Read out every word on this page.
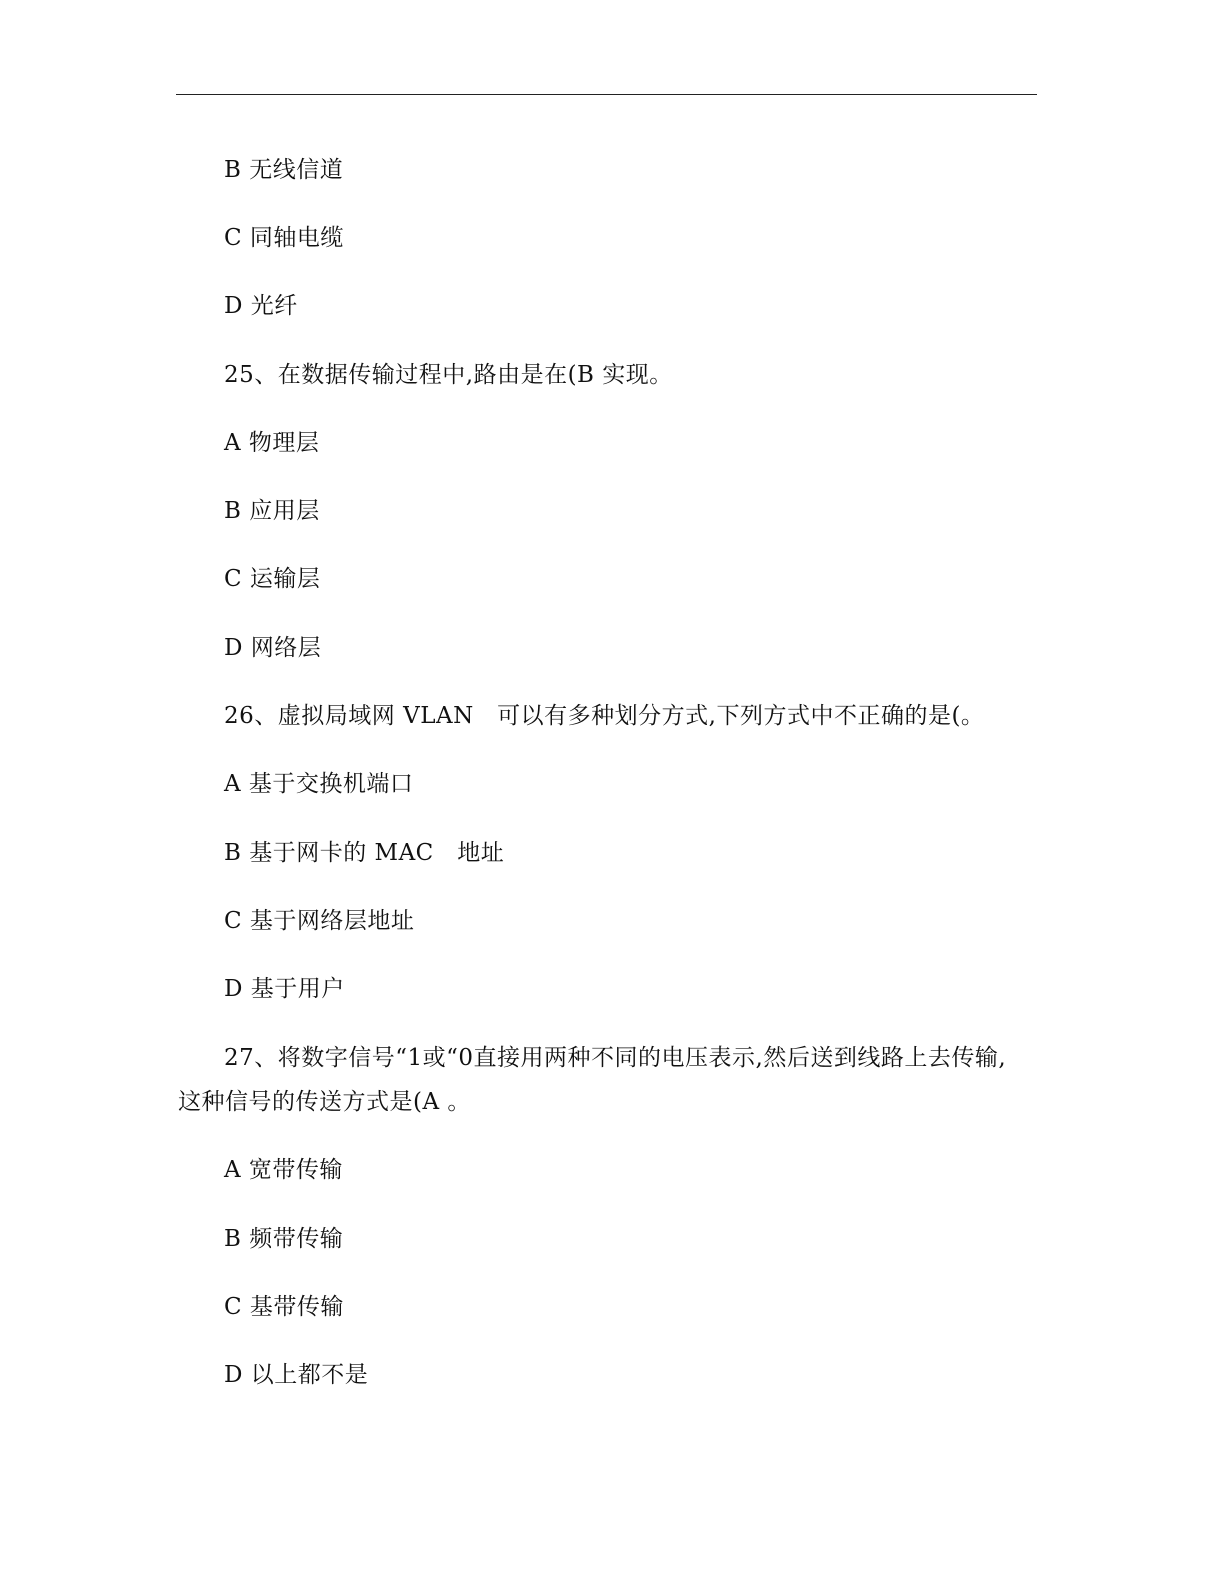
B 无线信道
C 同轴电缆
D 光纤
25、在数据传输过程中,路由是在(B 实现。
A 物理层
B 应用层
C 运输层
D 网络层
26、虚拟局域网 VLAN   可以有多种划分方式,下列方式中不正确的是(。
A 基于交换机端口
B 基于网卡的 MAC   地址
C 基于网络层地址
D 基于用户
27、将数字信号“1或“0直接用两种不同的电压表示,然后送到线路上去传输,
这种信号的传送方式是(A 。
A 宽带传输
B 频带传输
C 基带传输
D 以上都不是
